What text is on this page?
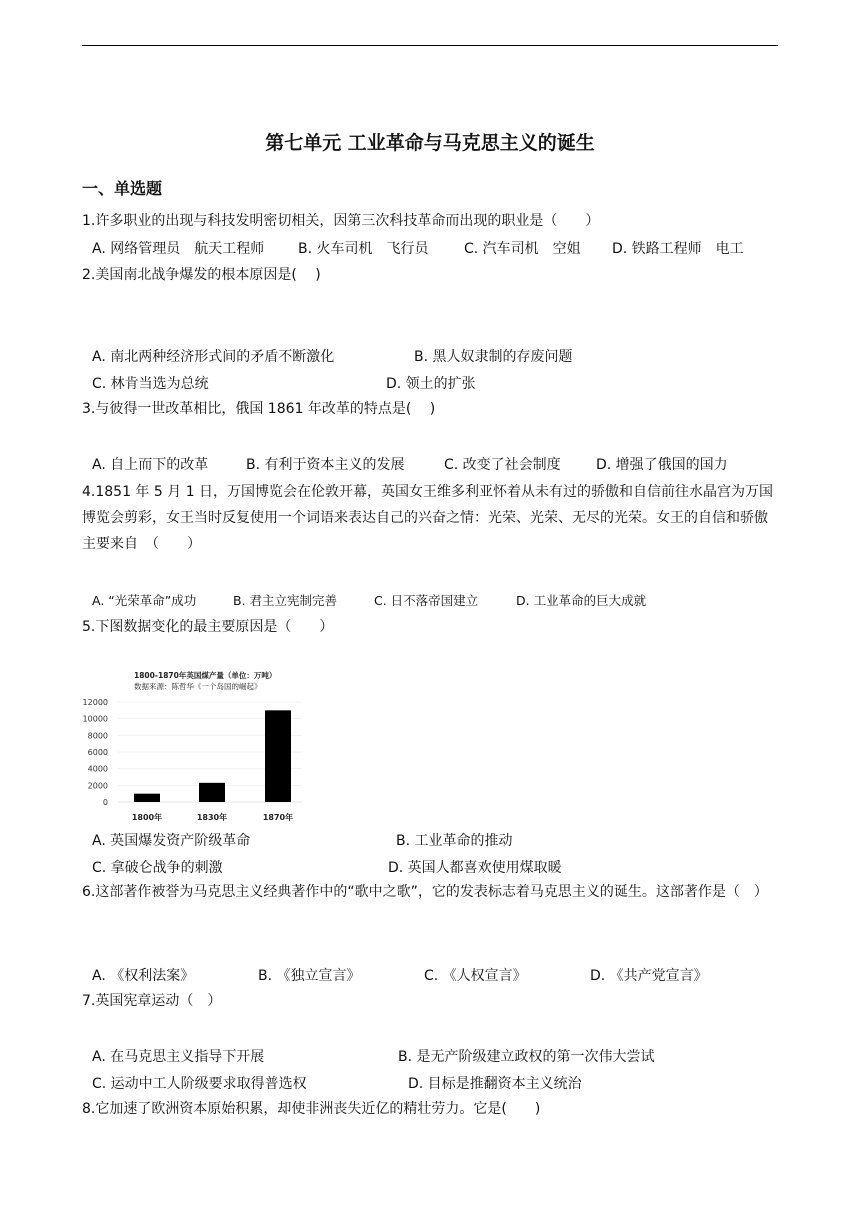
第七单元 工业革命与马克思主义的诞生
一、单选题
1.许多职业的出现与科技发明密切相关，因第三次科技革命而出现的职业是（　　）
A. 网络管理员　航天工程师 B. 火车司机　飞行员	C. 汽车司机　空姐 D. 铁路工程师　电工
2.美国南北战争爆发的根本原因是(　 )
A. 南北两种经济形式间的矛盾不断激化	B. 黑人奴隶制的存废问题
C. 林肯当选为总统	D. 领土的扩张
3.与彼得一世改革相比，俄国 1861 年改革的特点是(　 )
A. 自上而下的改革	B. 有利于资本主义的发展	C. 改变了社会制度	D. 增强了俄国的国力
4.1851 年 5 月 1 日，万国博览会在伦敦开幕，英国女王维多利亚怀着从未有过的骄傲和自信前往水晶宫为万国博览会剪彩，女王当时反复使用一个词语来表达自己的兴奋之情：光荣、光荣、无尽的光荣。女王的自信和骄傲主要来自　（　　）
A. “光荣革命”成功	B. 君主立宪制完善	C. 日不落帝国建立	D. 工业革命的巨大成就
5.下图数据变化的最主要原因是（　　）
1800-1870年英国煤产量（单位：万吨）
数据来源：陈哲华《一个岛国的崛起》
0
2000
4000
6000
8000
10000
12000
1800年	1830年	1870年
A. 英国爆发资产阶级革命	B. 工业革命的推动
C. 拿破仑战争的刺激	D. 英国人都喜欢使用煤取暖
6.这部著作被誉为马克思主义经典著作中的“歌中之歌”，它的发表标志着马克思主义的诞生。这部著作是（　）
A. 《权利法案》	B. 《独立宣言》	C. 《人权宣言》	D. 《共产党宣言》
7.英国宪章运动（　）
A. 在马克思主义指导下开展	B. 是无产阶级建立政权的第一次伟大尝试
C. 运动中工人阶级要求取得普选权	D. 目标是推翻资本主义统治
8.它加速了欧洲资本原始积累，却使非洲丧失近亿的精壮劳力。它是(　　)
